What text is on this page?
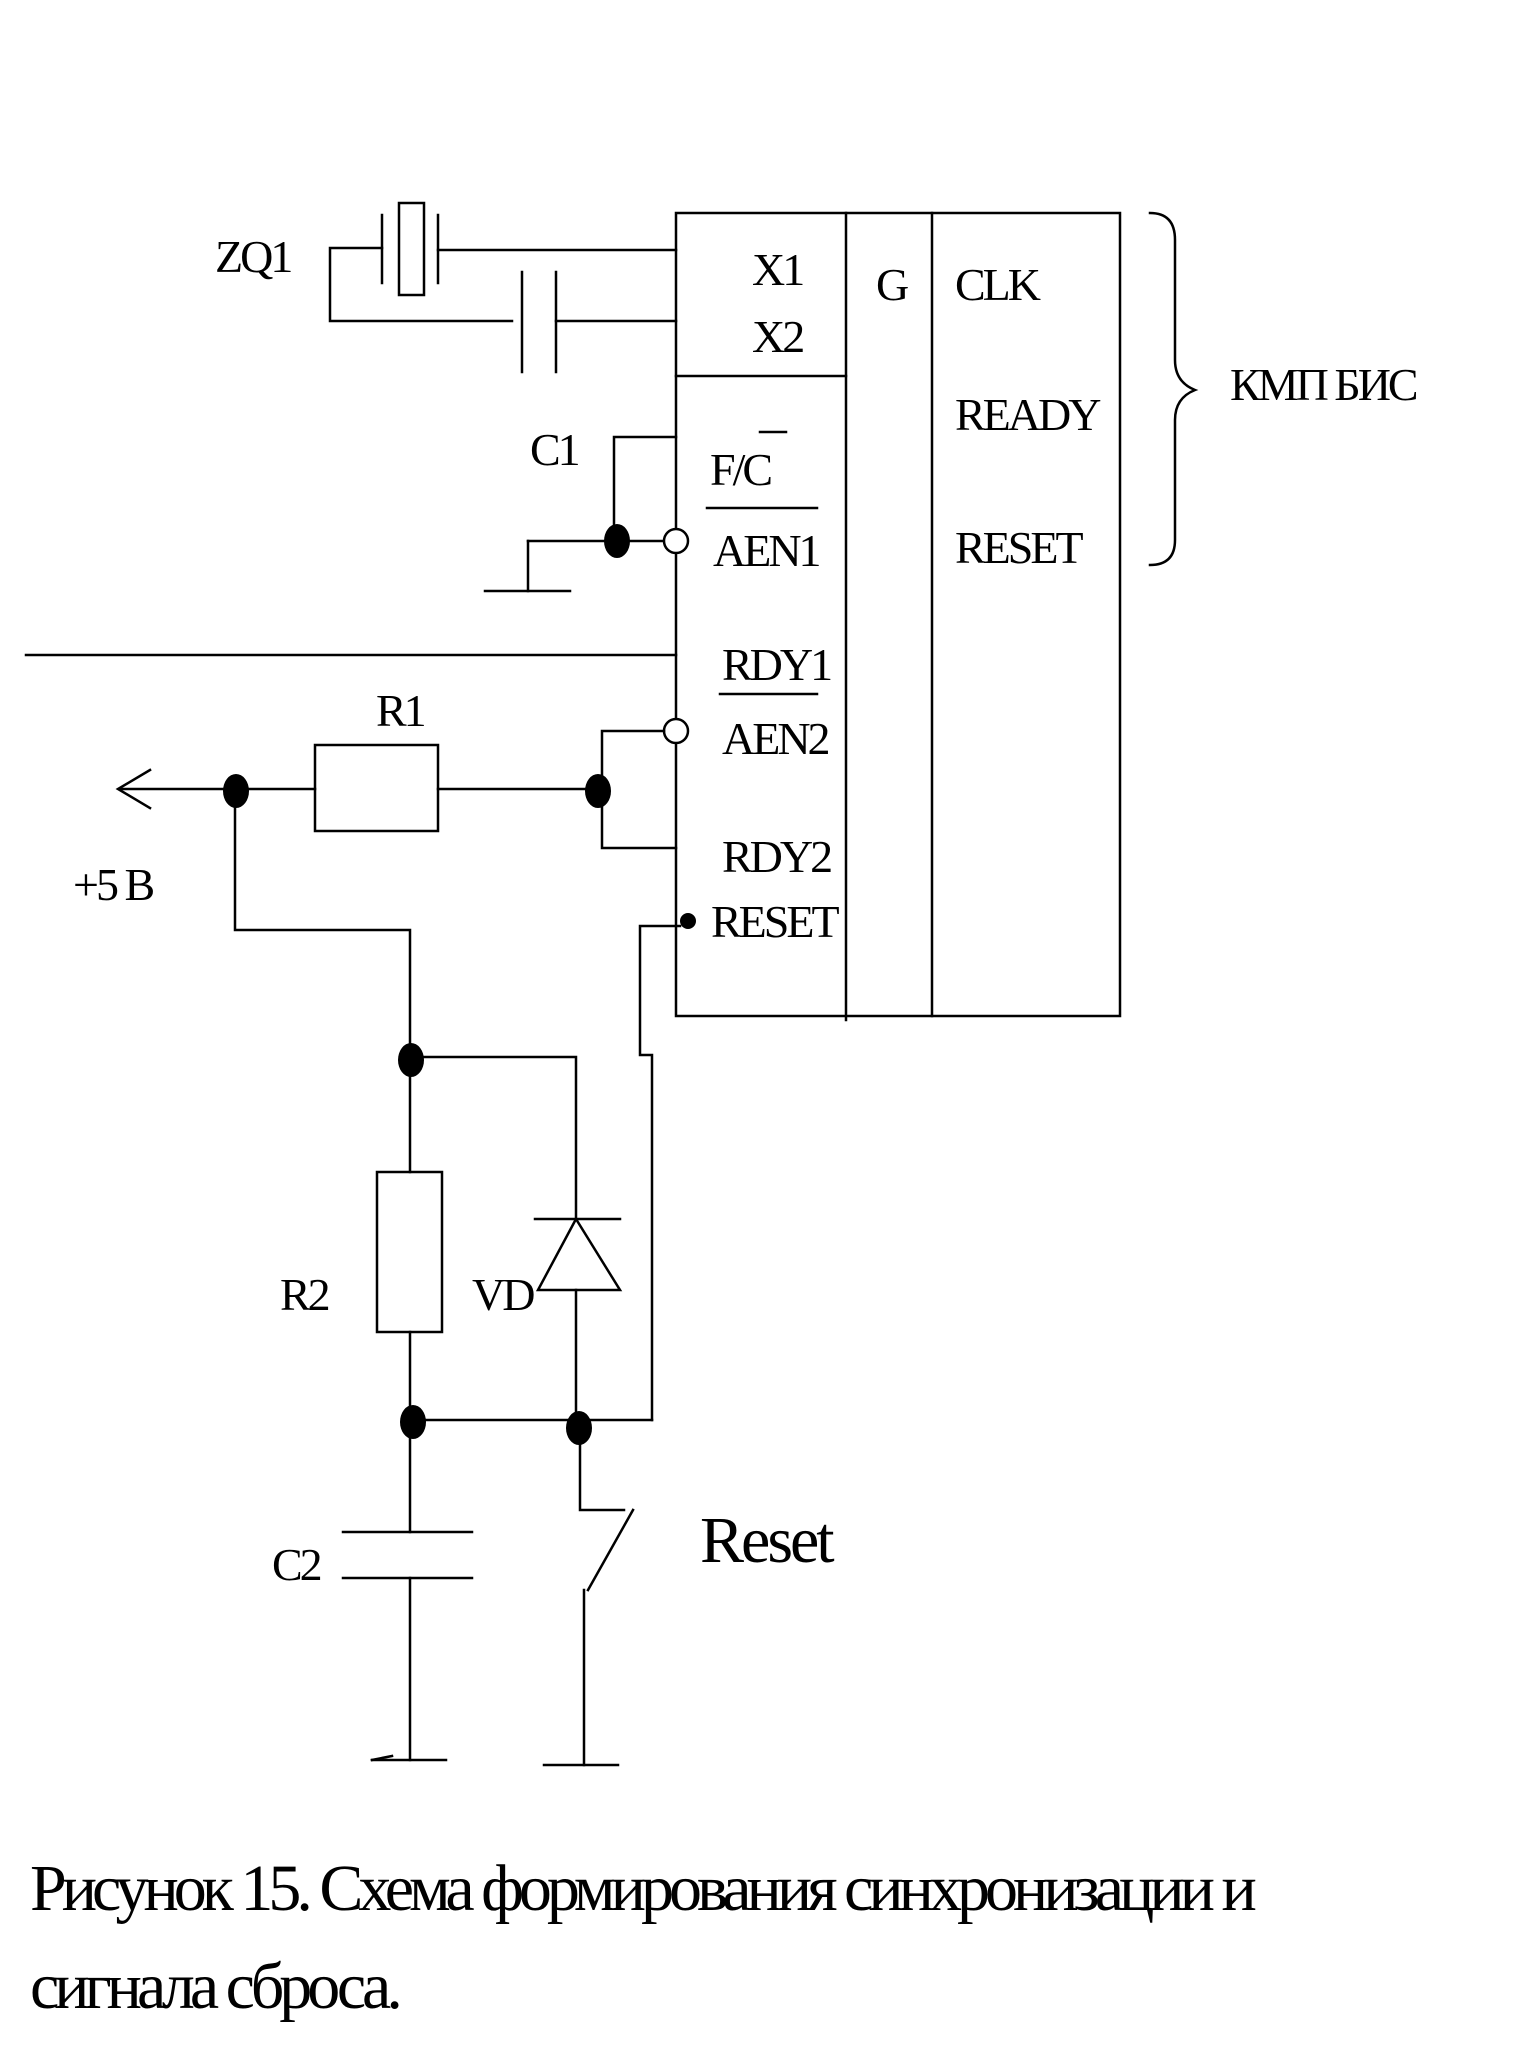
X1
X2
F/C
AEN1
RDY1
AEN2
RDY2
RESET
G CLK
READY
RESET
КМП БИС
ZQ1
C1
R1
+5 В
R2	VD
C2	Reset
Рисунок 15. Схема формирования синхронизации и
сигнала сброса.
